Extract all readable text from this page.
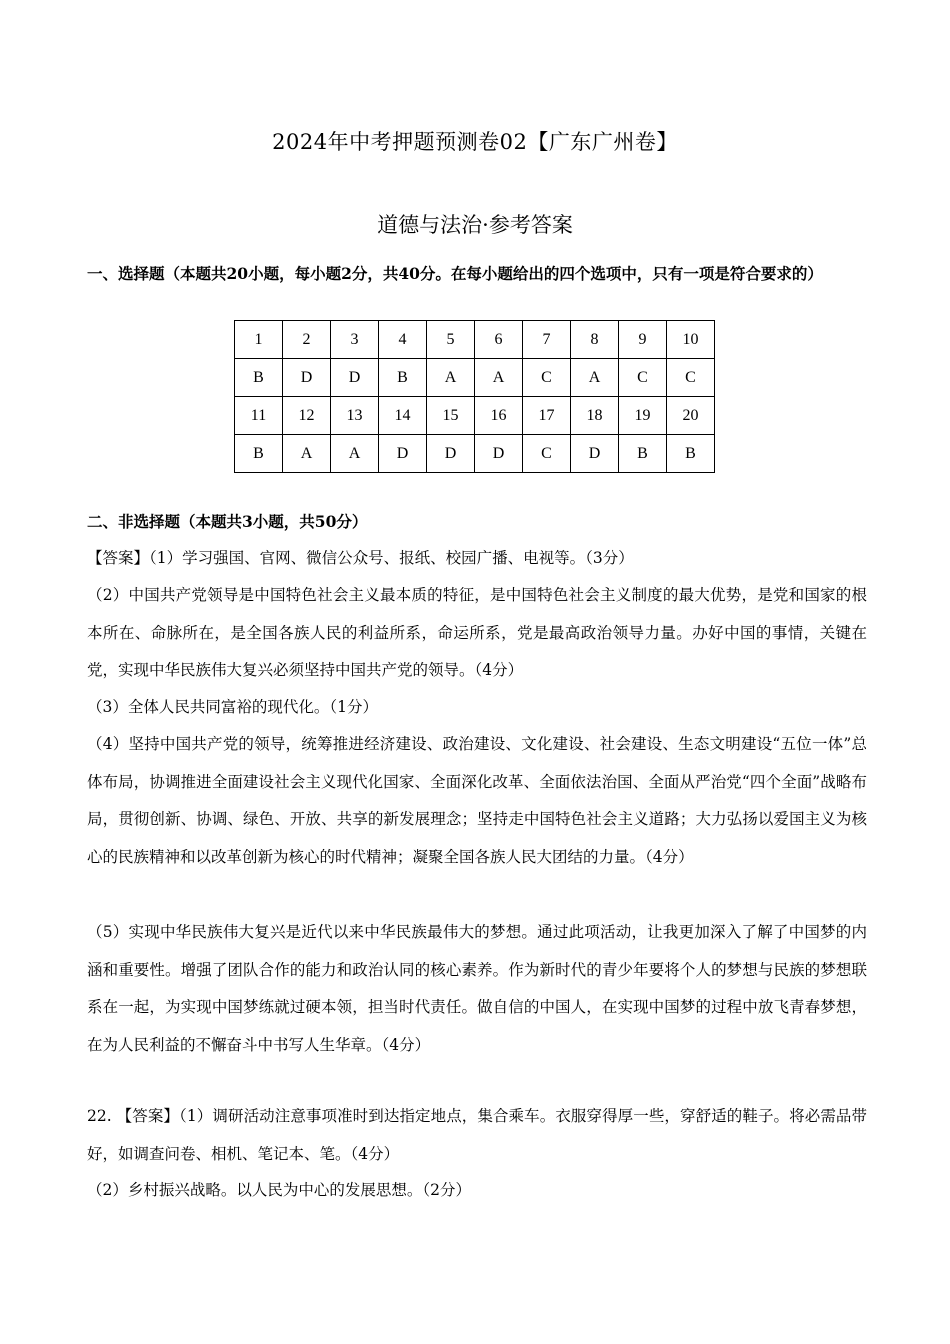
2024年中考押题预测卷02【广东广州卷】
道德与法治·参考答案
一、选择题（本题共20小题，每小题2分，共40分。在每小题给出的四个选项中，只有一项是符合要求的）
1	2	3	4	5	6	7	8	9	10
B	D	D	B	A	A	C	A	C	C
11	12	13	14	15	16	17	18	19	20
B	A	A	D	D	D	C	D	B	B
二、非选择题（本题共3小题，共50分）
【答案】（1）学习强国、官网、微信公众号、报纸、校园广播、电视等。（3分）
（2）中国共产党领导是中国特色社会主义最本质的特征，是中国特色社会主义制度的最大优势，是党和国家的根本所在、命脉所在，是全国各族人民的利益所系，命运所系，党是最高政治领导力量。办好中国的事情，关键在党，实现中华民族伟大复兴必须坚持中国共产党的领导。（4分）
（3）全体人民共同富裕的现代化。（1分）
（4）坚持中国共产党的领导，统筹推进经济建设、政治建设、文化建设、社会建设、生态文明建设“五位一体”总体布局，协调推进全面建设社会主义现代化国家、全面深化改革、全面依法治国、全面从严治党“四个全面”战略布局，贯彻创新、协调、绿色、开放、共享的新发展理念；坚持走中国特色社会主义道路；大力弘扬以爱国主义为核心的民族精神和以改革创新为核心的时代精神；凝聚全国各族人民大团结的力量。（4分）
（5）实现中华民族伟大复兴是近代以来中华民族最伟大的梦想。通过此项活动，让我更加深入了解了中国梦的内涵和重要性。增强了团队合作的能力和政治认同的核心素养。作为新时代的青少年要将个人的梦想与民族的梦想联系在一起，为实现中国梦练就过硬本领，担当时代责任。做自信的中国人，在实现中国梦的过程中放飞青春梦想，在为人民利益的不懈奋斗中书写人生华章。（4分）
22. 【答案】（1）调研活动注意事项准时到达指定地点，集合乘车。衣服穿得厚一些，穿舒适的鞋子。将必需品带好，如调查问卷、相机、笔记本、笔。（4分）
（2）乡村振兴战略。以人民为中心的发展思想。（2分）
